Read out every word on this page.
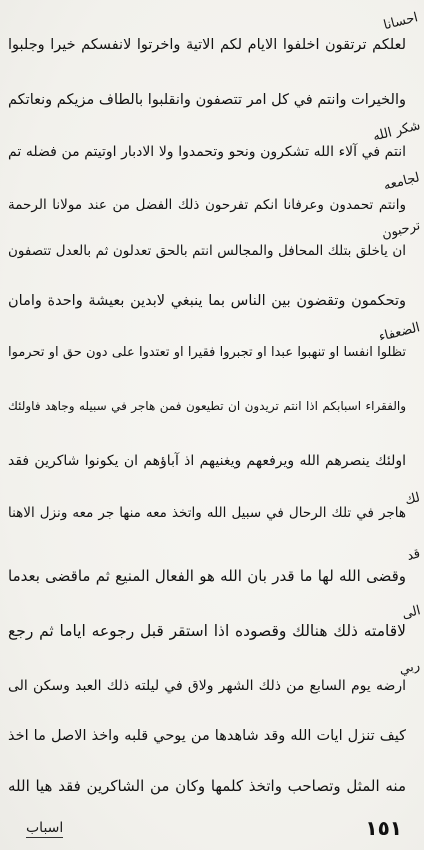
لعلكم ترتقون اخلفوا الايام لكم الاتية واخرتوا لانفسكم خيرا وجلبوا
والخيرات وانتم في كل امر تتصفون وانقلبوا بالطاف مزيكم ونعاتكم
انتم في آلاء الله تشكرون ونحو وتحمدوا ولا الادبار اوتيتم من فضله تم
وانتم تحمدون وعرفانا انكم تفرحون ذلك الفضل من عند مولانا الرحمة
ان ياخلق بتلك المحافل والمجالس انتم بالحق تعدلون ثم بالعدل تتصفون
وتحكمون وتقضون بين الناس بما ينبغي لابدين بعيشة واحدة وامان
تظلوا انفسا او تنهبوا عبدا او تجبروا فقيرا او تعتدوا على دون حق او تحرموا
والفقراء اسبابكم اذا انتم تريدون ان تطيعون فمن هاجر في سبيله وجاهد فاولئك
اولئك ينصرهم الله ويرفعهم ويغنيهم اذ آباؤهم ان يكونوا شاكرين فقد
هاجر في تلك الرحال في سبيل الله واتخذ معه منها جر معه ونزل الاهنا
وقضى الله لها ما قدر بان الله هو الفعال المنيع ثم ماقضى بعدما
لاقامته ذلك هنالك وقصوده اذا استقر قبل رجوعه اياما ثم رجع
ارضه يوم السابع من ذلك الشهر ولاق في ليلته ذلك العبد وسكن الى
كيف تنزل ايات الله وقد شاهدها من يوحي قلبه واخذ الاصل ما اخذ
منه المثل وتصاحب واتخذ كلمها وكان من الشاكرين فقد هيا الله
احسانا
شكر الله
لجامعه
ترحبون
الضعفاء
لك
قد
الى
ربي
اسباب	١٥١
